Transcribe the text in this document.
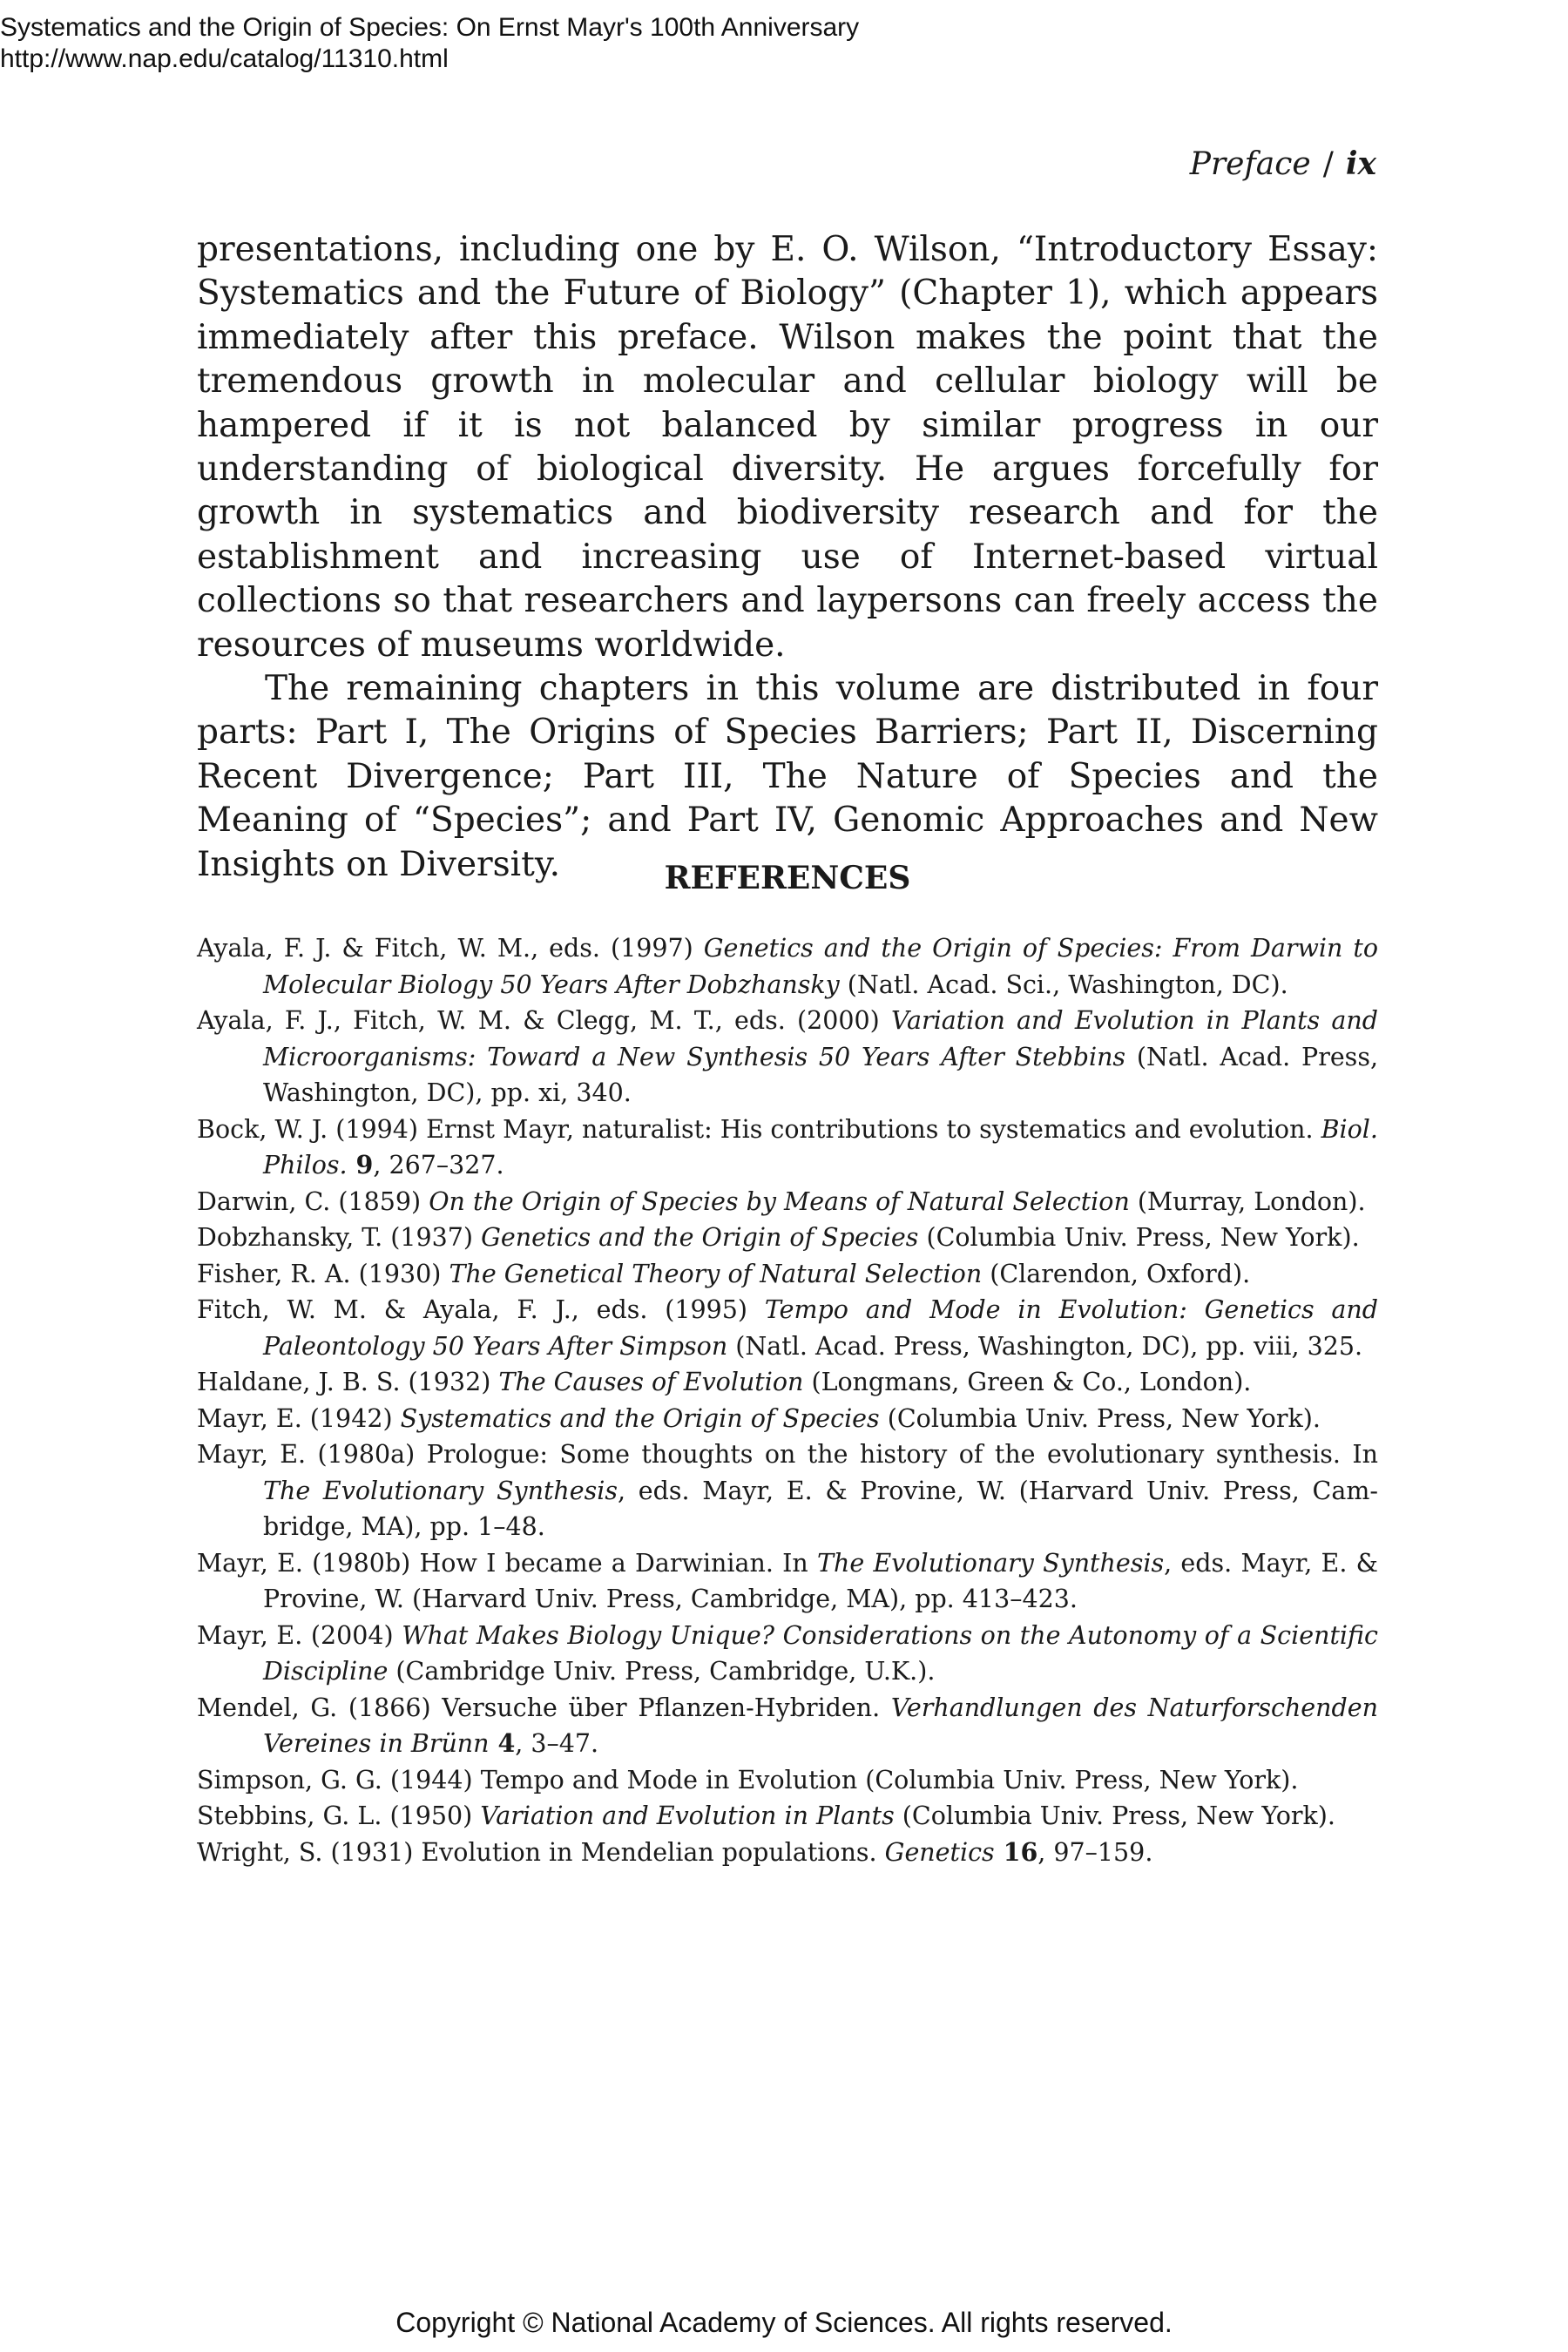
Systematics and the Origin of Species: On Ernst Mayr's 100th Anniversary
http://www.nap.edu/catalog/11310.html
Preface / ix

presentations, including one by E. O. Wilson, “Introductory Essay: Systematics and the Future of Biology” (Chapter 1), which appears immediately after this preface. Wilson makes the point that the tremendous growth in molecular and cellular biology will be hampered if it is not balanced by similar progress in our understanding of biological diversity. He argues forcefully for growth in systematics and biodiversity research and for the establishment and increasing use of Internet-based virtual collections so that researchers and laypersons can freely access the resources of museums worldwide.

The remaining chapters in this volume are distributed in four parts: Part I, The Origins of Species Barriers; Part II, Discerning Recent Divergence; Part III, The Nature of Species and the Meaning of “Species”; and Part IV, Genomic Approaches and New Insights on Diversity.	REFERENCES
Ayala, F. J. & Fitch, W. M., eds. (1997) Genetics and the Origin of Species: From Darwin to Molecular Biology 50 Years After Dobzhansky (Natl. Acad. Sci., Washington, DC).
Ayala, F. J., Fitch, W. M. & Clegg, M. T., eds. (2000) Variation and Evolution in Plants and Microorganisms: Toward a New Synthesis 50 Years After Stebbins (Natl. Acad. Press, Washington, DC), pp. xi, 340.
Bock, W. J. (1994) Ernst Mayr, naturalist: His contributions to systematics and evolution. Biol. Philos. 9, 267–327.
Darwin, C. (1859) On the Origin of Species by Means of Natural Selection (Murray, London).
Dobzhansky, T. (1937) Genetics and the Origin of Species (Columbia Univ. Press, New York).
Fisher, R. A. (1930) The Genetical Theory of Natural Selection (Clarendon, Oxford).
Fitch, W. M. & Ayala, F. J., eds. (1995) Tempo and Mode in Evolution: Genetics and Paleontology 50 Years After Simpson (Natl. Acad. Press, Washington, DC), pp. viii, 325.
Haldane, J. B. S. (1932) The Causes of Evolution (Longmans, Green & Co., London).
Mayr, E. (1942) Systematics and the Origin of Species (Columbia Univ. Press, New York).
Mayr, E. (1980a) Prologue: Some thoughts on the history of the evolutionary synthesis. In The Evolutionary Synthesis, eds. Mayr, E. & Provine, W. (Harvard Univ. Press, Cambridge, MA), pp. 1–48.
Mayr, E. (1980b) How I became a Darwinian. In The Evolutionary Synthesis, eds. Mayr, E. & Provine, W. (Harvard Univ. Press, Cambridge, MA), pp. 413–423.
Mayr, E. (2004) What Makes Biology Unique? Considerations on the Autonomy of a Scientific Discipline (Cambridge Univ. Press, Cambridge, U.K.).
Mendel, G. (1866) Versuche über Pflanzen-Hybriden. Verhandlungen des Naturforschenden Vereines in Brünn 4, 3–47.
Simpson, G. G. (1944) Tempo and Mode in Evolution (Columbia Univ. Press, New York).
Stebbins, G. L. (1950) Variation and Evolution in Plants (Columbia Univ. Press, New York).
Wright, S. (1931) Evolution in Mendelian populations. Genetics 16, 97–159.
Copyright © National Academy of Sciences. All rights reserved.
